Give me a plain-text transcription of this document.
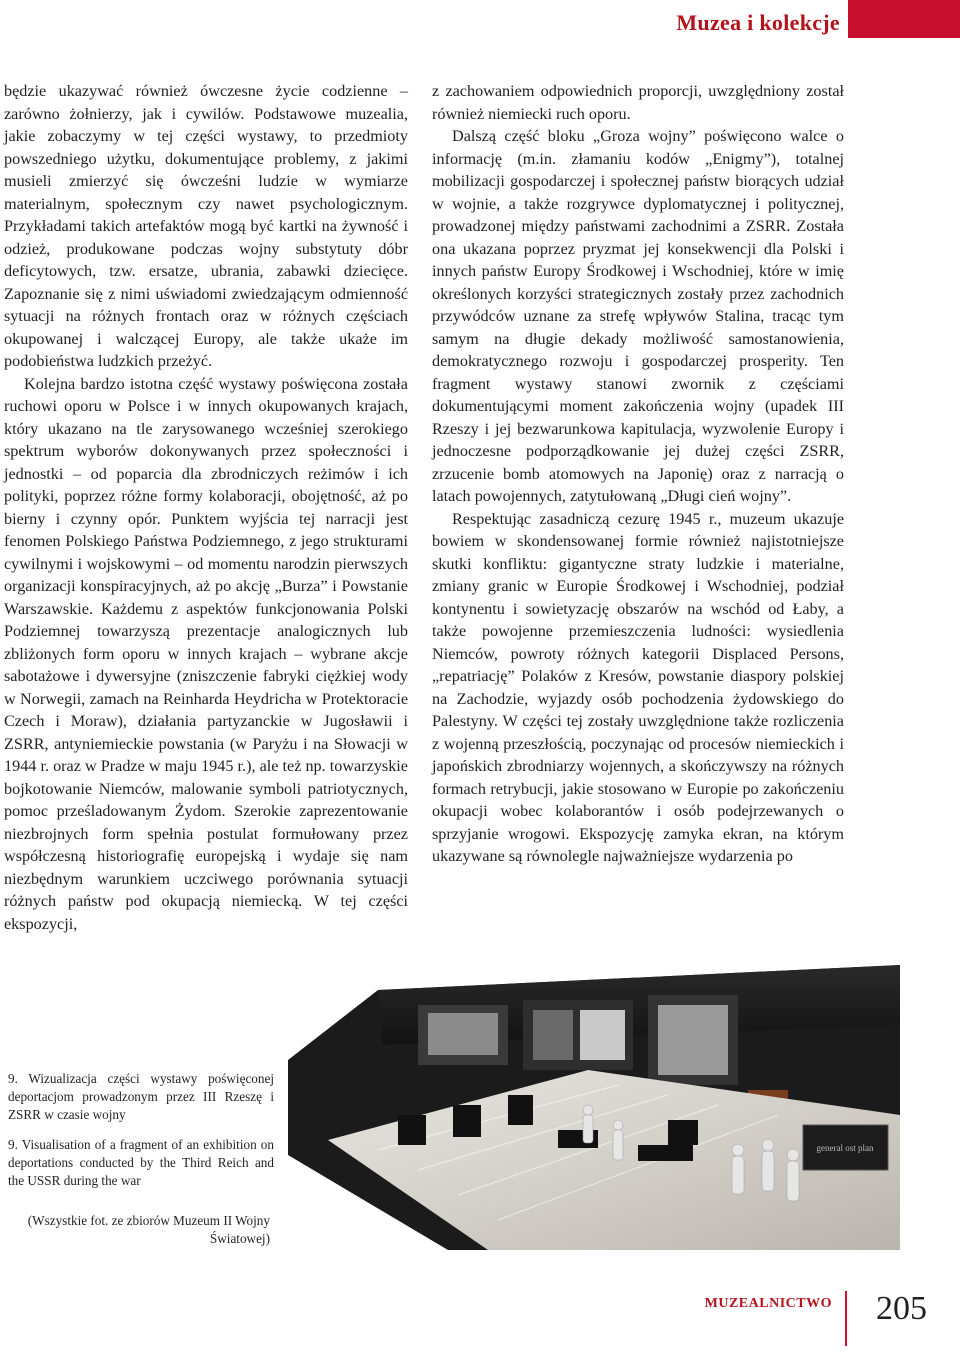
Muzea i kolekcje

będzie ukazywać również ówczesne życie codzienne – zarówno żołnierzy, jak i cywilów. Podstawowe muzealia, jakie zobaczymy w tej części wystawy, to przedmioty powszedniego użytku, dokumentujące problemy, z jakimi musieli zmierzyć się ówcześni ludzie w wymiarze materialnym, społecznym czy nawet psychologicznym. Przykładami takich artefaktów mogą być kartki na żywność i odzież, produkowane podczas wojny substytuty dóbr deficytowych, tzw. ersatze, ubrania, zabawki dziecięce. Zapoznanie się z nimi uświadomi zwiedzającym odmienność sytuacji na różnych frontach oraz w różnych częściach okupowanej i walczącej Europy, ale także ukaże im podobieństwa ludzkich przeżyć.

Kolejna bardzo istotna część wystawy poświęcona została ruchowi oporu w Polsce i w innych okupowanych krajach, który ukazano na tle zarysowanego wcześniej szerokiego spektrum wyborów dokonywanych przez społeczności i jednostki – od poparcia dla zbrodniczych reżimów i ich polityki, poprzez różne formy kolaboracji, obojętność, aż po bierny i czynny opór. Punktem wyjścia tej narracji jest fenomen Polskiego Państwa Podziemnego, z jego strukturami cywilnymi i wojskowymi – od momentu narodzin pierwszych organizacji konspiracyjnych, aż po akcję „Burza” i Powstanie Warszawskie. Każdemu z aspektów funkcjonowania Polski Podziemnej towarzyszą prezentacje analogicznych lub zbliżonych form oporu w innych krajach – wybrane akcje sabotażowe i dywersyjne (zniszczenie fabryki ciężkiej wody w Norwegii, zamach na Reinharda Heydricha w Protektoracie Czech i Moraw), działania partyzanckie w Jugosławii i ZSRR, antyniemieckie powstania (w Paryżu i na Słowacji w 1944 r. oraz w Pradze w maju 1945 r.), ale też np. towarzyskie bojkotowanie Niemców, malowanie symboli patriotycznych, pomoc prześladowanym Żydom. Szerokie zaprezentowanie niezbrojnych form spełnia postulat formułowany przez współczesną historiografię europejską i wydaje się nam niezbędnym warunkiem uczciwego porównania sytuacji różnych państw pod okupacją niemiecką. W tej części ekspozycji,

z zachowaniem odpowiednich proporcji, uwzględniony został również niemiecki ruch oporu.

Dalszą część bloku „Groza wojny” poświęcono walce o informację (m.in. złamaniu kodów „Enigmy”), totalnej mobilizacji gospodarczej i społecznej państw biorących udział w wojnie, a także rozgrywce dyplomatycznej i politycznej, prowadzonej między państwami zachodnimi a ZSRR. Została ona ukazana poprzez pryzmat jej konsekwencji dla Polski i innych państw Europy Środkowej i Wschodniej, które w imię określonych korzyści strategicznych zostały przez zachodnich przywódców uznane za strefę wpływów Stalina, tracąc tym samym na długie dekady możliwość samostanowienia, demokratycznego rozwoju i gospodarczej prosperity. Ten fragment wystawy stanowi zwornik z częściami dokumentującymi moment zakończenia wojny (upadek III Rzeszy i jej bezwarunkowa kapitulacja, wyzwolenie Europy i jednoczesne podporządkowanie jej dużej części ZSRR, zrzucenie bomb atomowych na Japonię) oraz z narracją o latach powojennych, zatytułowaną „Długi cień wojny”.

Respektując zasadniczą cezurę 1945 r., muzeum ukazuje bowiem w skondensowanej formie również najistotniejsze skutki konfliktu: gigantyczne straty ludzkie i materialne, zmiany granic w Europie Środkowej i Wschodniej, podział kontynentu i sowietyzację obszarów na wschód od Łaby, a także powojenne przemieszczenia ludności: wysiedlenia Niemców, powroty różnych kategorii Displaced Persons, „repatriację” Polaków z Kresów, powstanie diaspory polskiej na Zachodzie, wyjazdy osób pochodzenia żydowskiego do Palestyny. W części tej zostały uwzględnione także rozliczenia z wojenną przeszłością, poczynając od procesów niemieckich i japońskich zbrodniarzy wojennych, a skończywszy na różnych formach retrybucji, jakie stosowano w Europie po zakończeniu okupacji wobec kolaborantów i osób podejrzewanych o sprzyjanie wrogowi. Ekspozycję zamyka ekran, na którym ukazywane są równolegle najważniejsze wydarzenia po

general ost plan
9. Wizualizacja części wystawy poświęconej deportacjom prowadzonym przez III Rzeszę i ZSRR w czasie wojny
9. Visualisation of a fragment of an exhibition on deportations conducted by the Third Reich and the USSR during the war
(Wszystkie fot. ze zbiorów Muzeum II Wojny Światowej)
MUZEALNICTWO 205
